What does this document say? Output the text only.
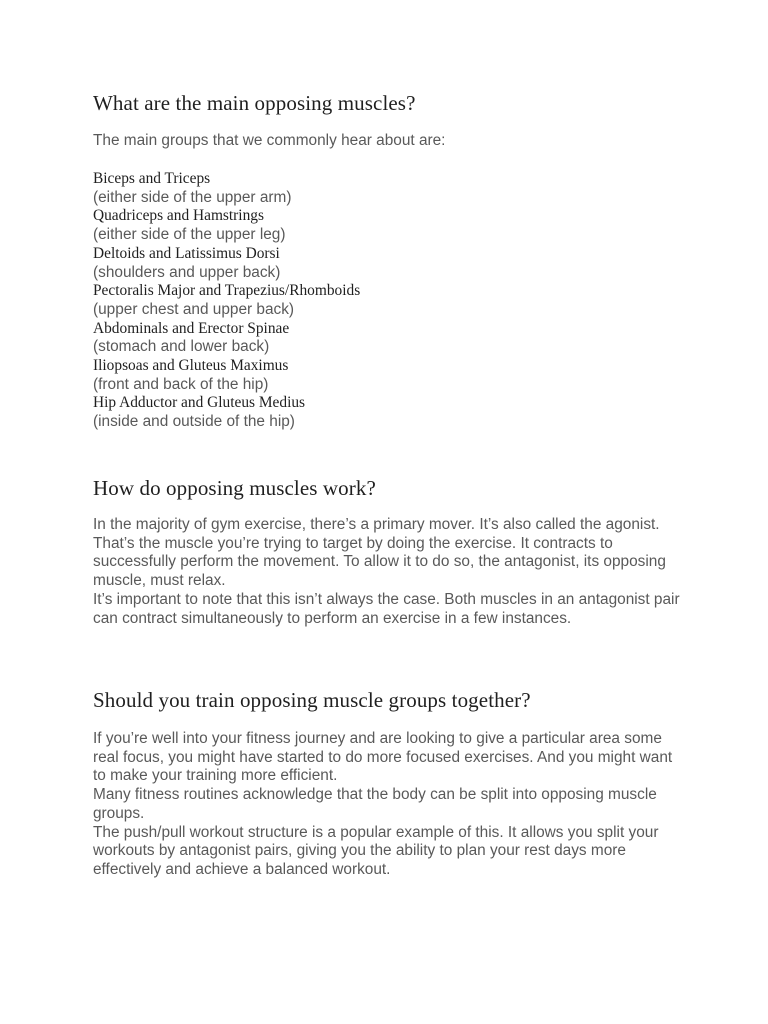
What are the main opposing muscles?

The main groups that we commonly hear about are:

Biceps and Triceps

(either side of the upper arm)

Quadriceps and Hamstrings

(either side of the upper leg)

Deltoids and Latissimus Dorsi

(shoulders and upper back)

Pectoralis Major and Trapezius/Rhomboids

(upper chest and upper back)

Abdominals and Erector Spinae

(stomach and lower back)

Iliopsoas and Gluteus Maximus

(front and back of the hip)

Hip Adductor and Gluteus Medius

(inside and outside of the hip)

How do opposing muscles work?

In the majority of gym exercise, there’s a primary mover. It’s also called the agonist. That’s the muscle you’re trying to target by doing the exercise. It contracts to successfully perform the movement. To allow it to do so, the antagonist, its opposing muscle, must relax.

It’s important to note that this isn’t always the case. Both muscles in an antagonist pair can contract simultaneously to perform an exercise in a few instances.

Should you train opposing muscle groups together?

If you’re well into your fitness journey and are looking to give a particular area some real focus, you might have started to do more focused exercises. And you might want to make your training more efficient.

Many fitness routines acknowledge that the body can be split into opposing muscle groups.

The push/pull workout structure is a popular example of this. It allows you split your workouts by antagonist pairs, giving you the ability to plan your rest days more effectively and achieve a balanced workout.
